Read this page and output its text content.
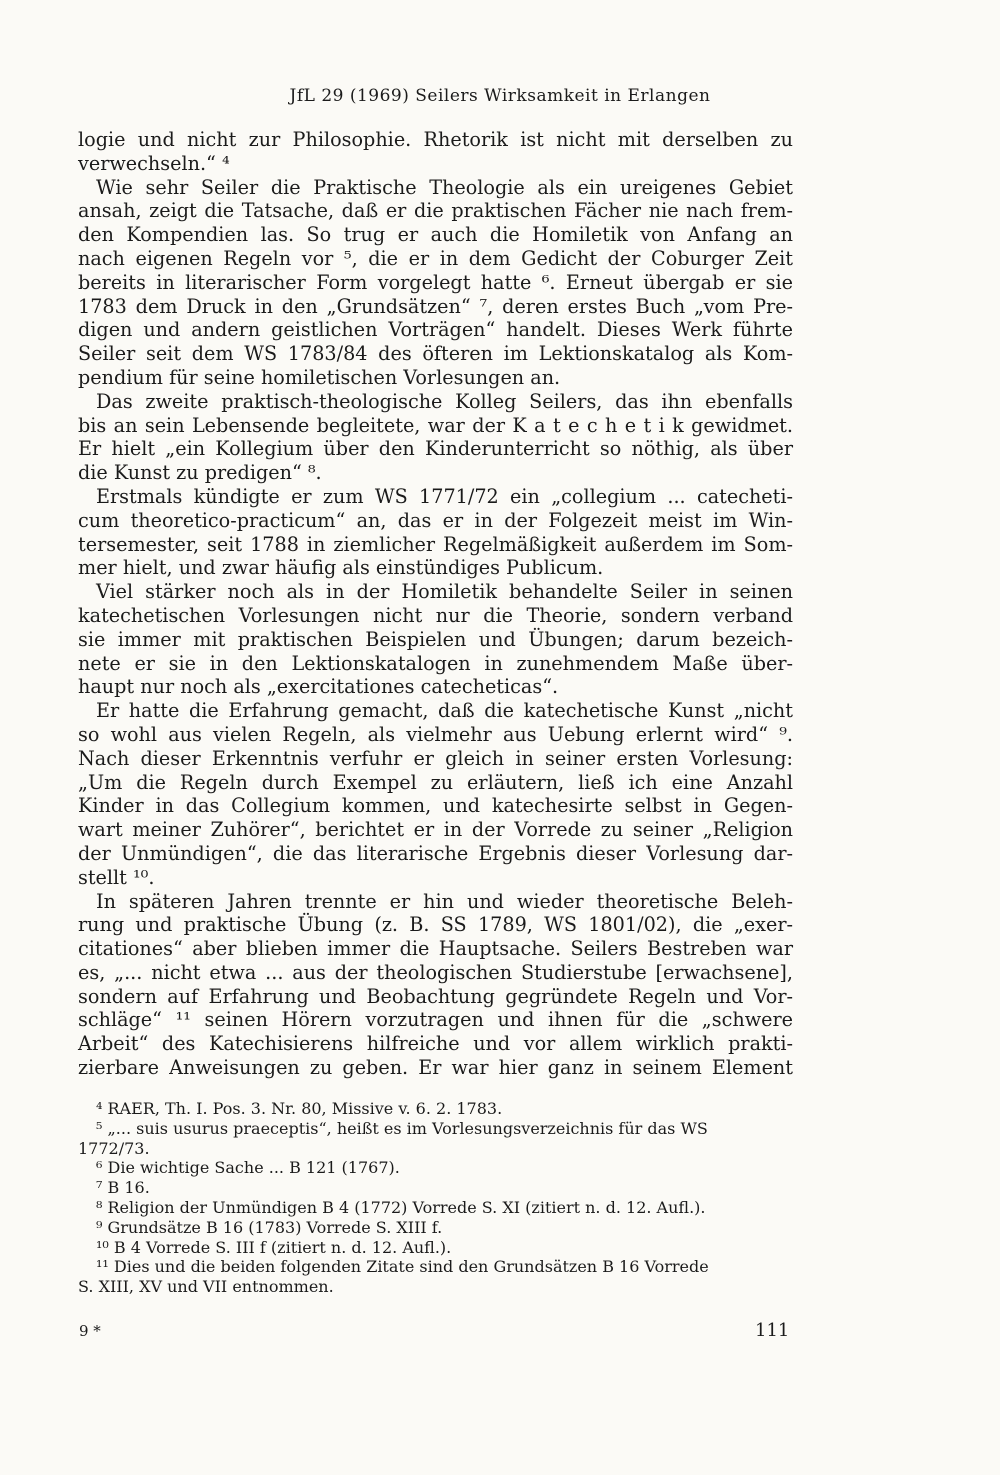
JfL 29 (1969) Seilers Wirksamkeit in Erlangen
logie und nicht zur Philosophie. Rhetorik ist nicht mit derselben zu
verwechseln.“ ⁴
Wie sehr Seiler die Praktische Theologie als ein ureigenes Gebiet
ansah, zeigt die Tatsache, daß er die praktischen Fächer nie nach frem-
den Kompendien las. So trug er auch die Homiletik von Anfang an
nach eigenen Regeln vor ⁵, die er in dem Gedicht der Coburger Zeit
bereits in literarischer Form vorgelegt hatte ⁶. Erneut übergab er sie
1783 dem Druck in den „Grundsätzen“ ⁷, deren erstes Buch „vom Pre-
digen und andern geistlichen Vorträgen“ handelt. Dieses Werk führte
Seiler seit dem WS 1783/84 des öfteren im Lektionskatalog als Kom-
pendium für seine homiletischen Vorlesungen an.
Das zweite praktisch-theologische Kolleg Seilers, das ihn ebenfalls
bis an sein Lebensende begleitete, war der K a t e c h e t i k gewidmet.
Er hielt „ein Kollegium über den Kinderunterricht so nöthig, als über
die Kunst zu predigen“ ⁸.
Erstmals kündigte er zum WS 1771/72 ein „collegium ... catecheti-
cum theoretico-practicum“ an, das er in der Folgezeit meist im Win-
tersemester, seit 1788 in ziemlicher Regelmäßigkeit außerdem im Som-
mer hielt, und zwar häufig als einstündiges Publicum.
Viel stärker noch als in der Homiletik behandelte Seiler in seinen
katechetischen Vorlesungen nicht nur die Theorie, sondern verband
sie immer mit praktischen Beispielen und Übungen; darum bezeich-
nete er sie in den Lektionskatalogen in zunehmendem Maße über-
haupt nur noch als „exercitationes catecheticas“.
Er hatte die Erfahrung gemacht, daß die katechetische Kunst „nicht
so wohl aus vielen Regeln, als vielmehr aus Uebung erlernt wird“ ⁹.
Nach dieser Erkenntnis verfuhr er gleich in seiner ersten Vorlesung:
„Um die Regeln durch Exempel zu erläutern, ließ ich eine Anzahl
Kinder in das Collegium kommen, und katechesirte selbst in Gegen-
wart meiner Zuhörer“, berichtet er in der Vorrede zu seiner „Religion
der Unmündigen“, die das literarische Ergebnis dieser Vorlesung dar-
stellt ¹⁰.
In späteren Jahren trennte er hin und wieder theoretische Beleh-
rung und praktische Übung (z. B. SS 1789, WS 1801/02), die „exer-
citationes“ aber blieben immer die Hauptsache. Seilers Bestreben war
es, „... nicht etwa ... aus der theologischen Studierstube [erwachsene],
sondern auf Erfahrung und Beobachtung gegründete Regeln und Vor-
schläge“ ¹¹ seinen Hörern vorzutragen und ihnen für die „schwere
Arbeit“ des Katechisierens hilfreiche und vor allem wirklich prakti-
zierbare Anweisungen zu geben. Er war hier ganz in seinem Element
⁴ RAER, Th. I. Pos. 3. Nr. 80, Missive v. 6. 2. 1783.
⁵ „... suis usurus praeceptis“, heißt es im Vorlesungsverzeichnis für das WS
1772/73.
⁶ Die wichtige Sache ... B 121 (1767).
⁷ B 16.
⁸ Religion der Unmündigen B 4 (1772) Vorrede S. XI (zitiert n. d. 12. Aufl.).
⁹ Grundsätze B 16 (1783) Vorrede S. XIII f.
¹⁰ B 4 Vorrede S. III f (zitiert n. d. 12. Aufl.).
¹¹ Dies und die beiden folgenden Zitate sind den Grundsätzen B 16 Vorrede
S. XIII, XV und VII entnommen.
9 *	111
